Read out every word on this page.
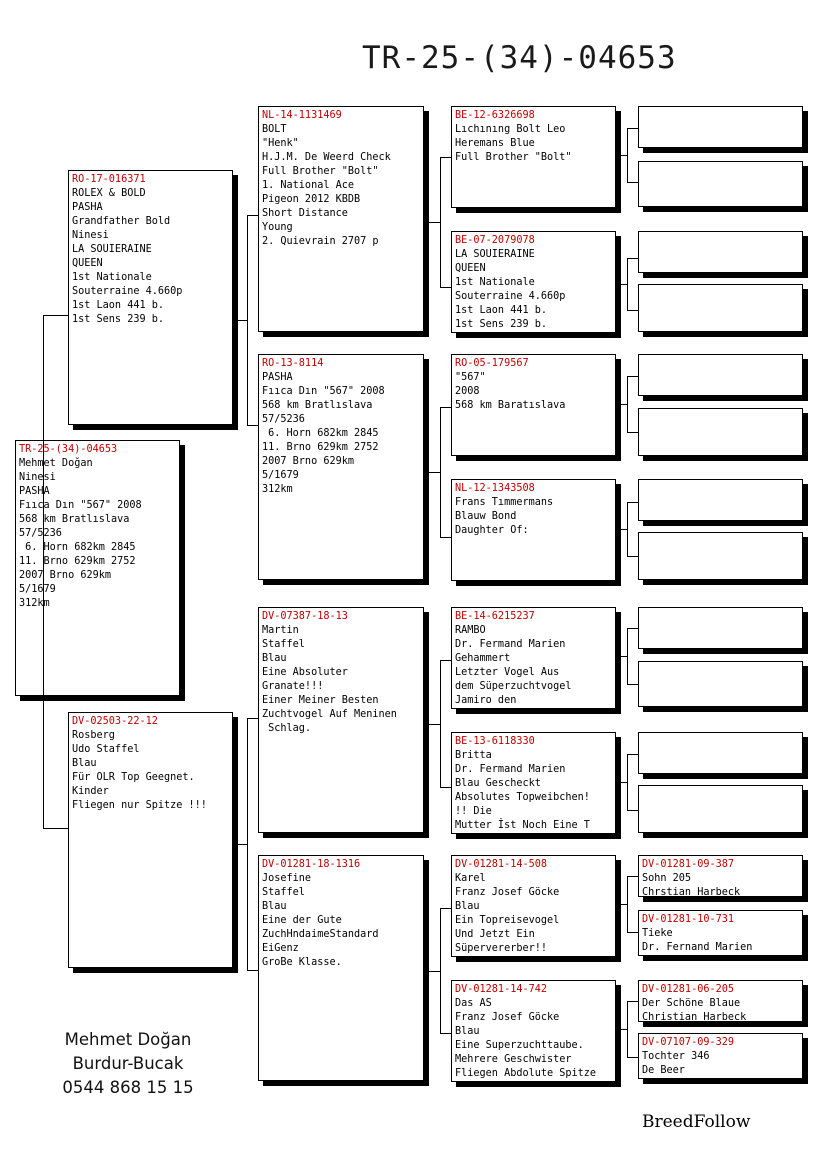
TR-25-(34)-04653
TR-25-(34)-04653
Mehmet Doğan
Ninesi
PASHA
Fııca Dın "567" 2008
568 km Bratlıslava
57/5236
6. Horn 682km 2845
11. Brno 629km 2752
2007 Brno 629km
5/1679
312km
RO-17-016371
ROLEX & BOLD
PASHA
Grandfather Bold
Ninesi
LA SOUIERAINE
QUEEN
1st Nationale
Souterraine 4.660p
1st Laon 441 b.
1st Sens 239 b.
DV-02503-22-12
Rosberg
Udo Staffel
Blau
Für OLR Top Geegnet.
Kinder
Fliegen nur Spitze !!!
NL-14-1131469
BOLT
"Henk"
H.J.M. De Weerd Check
Full Brother "Bolt"
1. National Ace
Pigeon 2012 KBDB
Short Distance
Young
2. Quievrain 2707 p
RO-13-8114
PASHA
Fııca Dın "567" 2008
568 km Bratlıslava
57/5236
6. Horn 682km 2845
11. Brno 629km 2752
2007 Brno 629km
5/1679
312km
DV-07387-18-13
Martin
Staffel
Blau
Eine Absoluter
Granate!!!
Einer Meiner Besten
Zuchtvogel Auf Meninen
Schlag.
DV-01281-18-1316
Josefine
Staffel
Blau
Eine der Gute
ZuchHndaimeStandard
EiGenz
GroBe Klasse.
BE-12-6326698
Lıchınıng Bolt Leo
Heremans Blue
Full Brother "Bolt"
BE-07-2079078
LA SOUIERAINE
QUEEN
1st Nationale
Souterraine 4.660p
1st Laon 441 b.
1st Sens 239 b.
RO-05-179567
"567"
2008
568 km Baratıslava
NL-12-1343508
Frans Tımmermans
Blauw Bond
Daughter Of:
BE-14-6215237
RAMBO
Dr. Fermand Marien
Gehammert
Letzter Vogel Aus
dem Süperzuchtvogel
Jamiro den
BE-13-6118330
Britta
Dr. Fermand Marien
Blau Gescheckt
Absolutes Topweibchen!
!! Die
Mutter İst Noch Eine T
DV-01281-14-508
Karel
Franz Josef Göcke
Blau
Ein Topreisevogel
Und Jetzt Ein
Süpervererber!!
DV-01281-14-742
Das AS
Franz Josef Göcke
Blau
Eine Superzuchttaube.
Mehrere Geschwister
Fliegen Abdolute Spitze
DV-01281-09-387
Sohn 205
Chrstian Harbeck
DV-01281-10-731
Tieke
Dr. Fernand Marien
DV-01281-06-205
Der Schöne Blaue
Christian Harbeck
DV-07107-09-329
Tochter 346
De Beer
Mehmet Doğan
Burdur-Bucak
0544 868 15 15
BreedFollow
